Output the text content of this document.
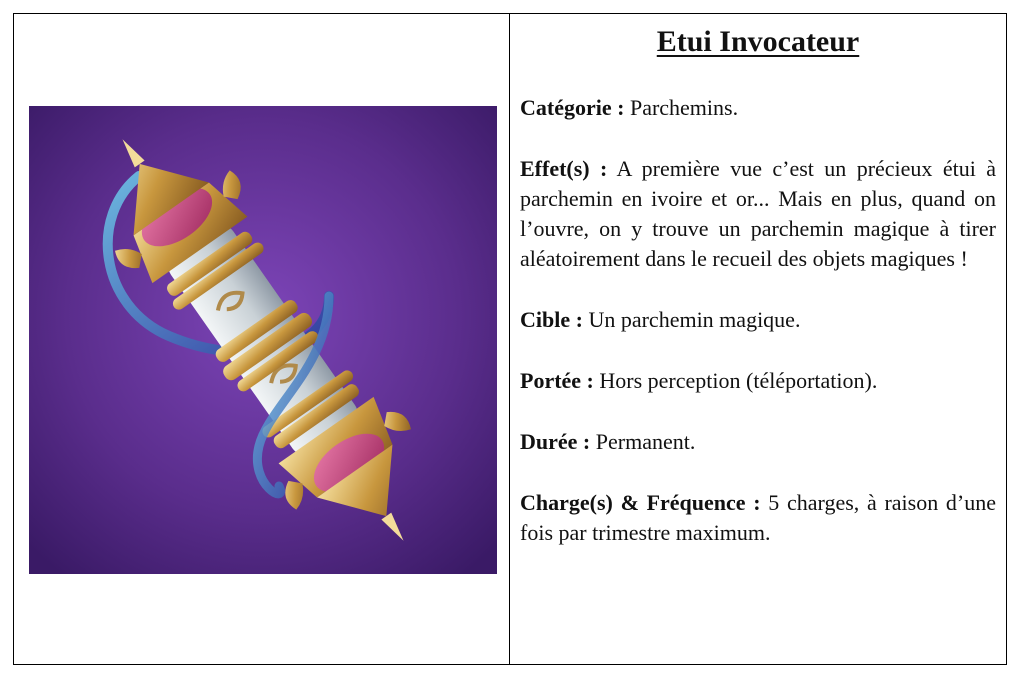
Etui Invocateur

Catégorie : Parchemins.

Effet(s) : A première vue c’est un précieux étui à parchemin en ivoire et or... Mais en plus, quand on l’ouvre, on y trouve un parchemin magique à tirer aléatoirement dans le recueil des objets magiques !

Cible : Un parchemin magique.

Portée : Hors perception (téléportation).

Durée : Permanent.

Charge(s) & Fréquence : 5 charges, à raison d’une fois par trimestre maximum.
